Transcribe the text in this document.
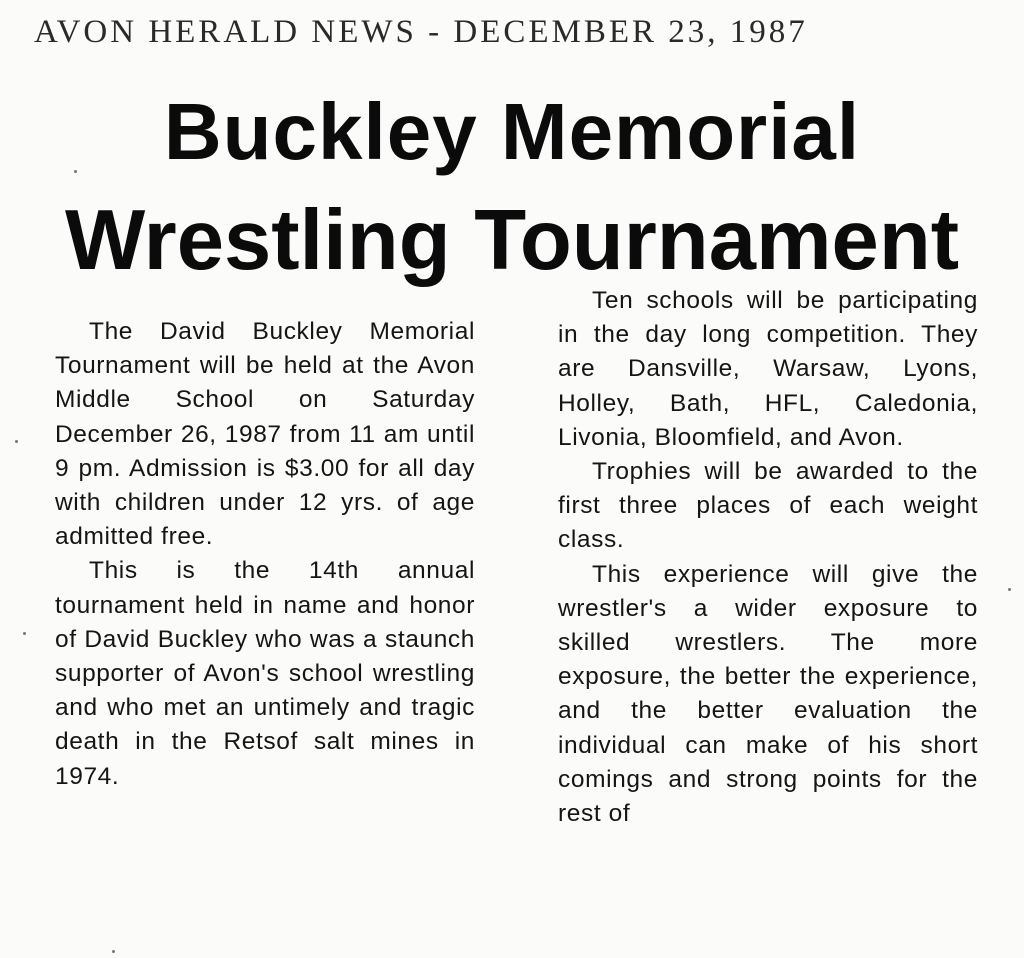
AVON HERALD NEWS - DECEMBER 23, 1987
Buckley Memorial
Wrestling Tournament

The David Buckley Memorial Tournament will be held at the Avon Middle School on Saturday December 26, 1987 from 11 am until 9 pm. Admission is $3.00 for all day with children under 12 yrs. of age admitted free.

This is the 14th annual tournament held in name and honor of David Buckley who was a staunch supporter of Avon's school wrestling and who met an untimely and tragic death in the Retsof salt mines in 1974.

Ten schools will be participating in the day long competition. They are Dansville, Warsaw, Lyons, Holley, Bath, HFL, Caledonia, Livonia, Bloomfield, and Avon.

Trophies will be awarded to the first three places of each weight class.

This experience will give the wrestler's a wider exposure to skilled wrestlers. The more exposure, the better the experience, and the better evaluation the individual can make of his short comings and strong points for the rest of
